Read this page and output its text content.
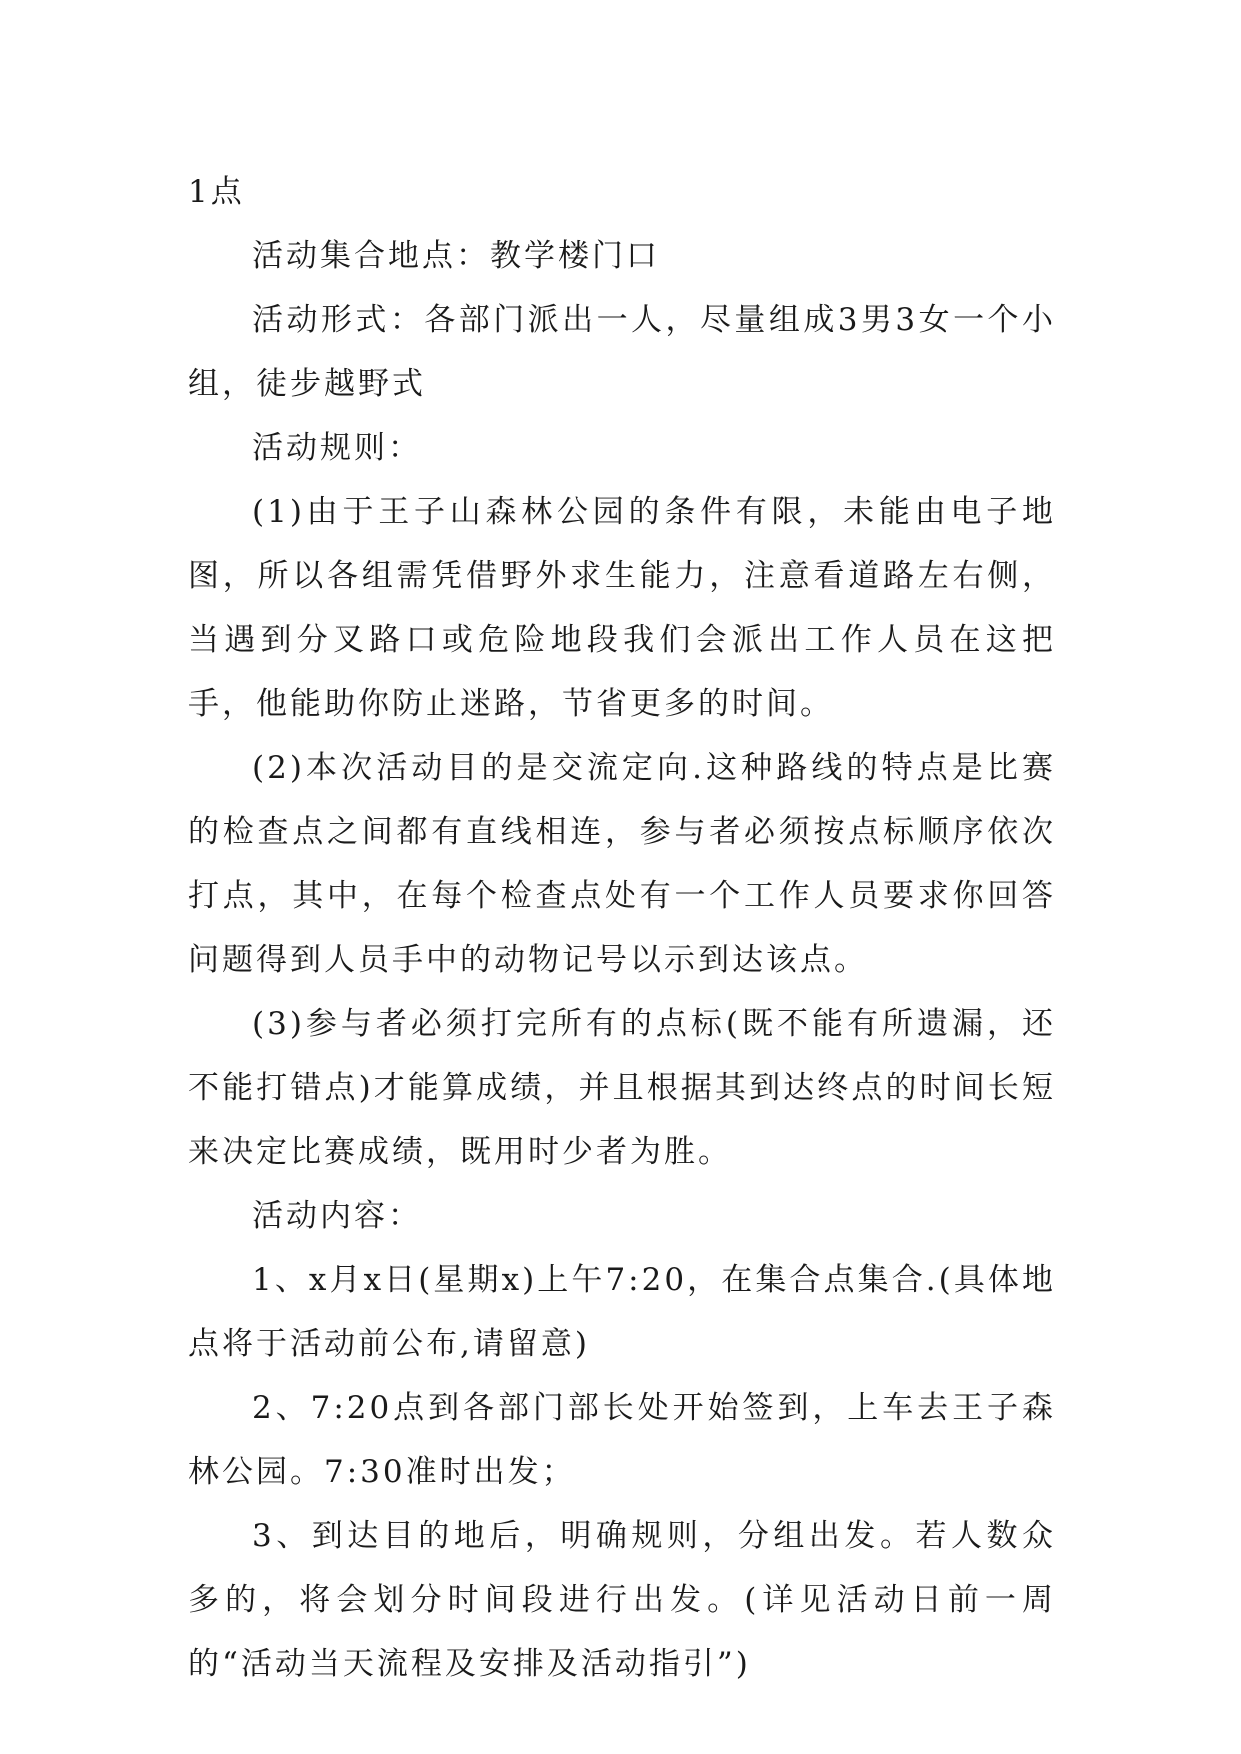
1点

活动集合地点：教学楼门口

活动形式：各部门派出一人，尽量组成3男3女一个小组，徒步越野式

活动规则：

(1)由于王子山森林公园的条件有限，未能由电子地图，所以各组需凭借野外求生能力，注意看道路左右侧，当遇到分叉路口或危险地段我们会派出工作人员在这把手，他能助你防止迷路，节省更多的时间。

(2)本次活动目的是交流定向.这种路线的特点是比赛的检查点之间都有直线相连，参与者必须按点标顺序依次打点，其中，在每个检查点处有一个工作人员要求你回答问题得到人员手中的动物记号以示到达该点。

(3)参与者必须打完所有的点标(既不能有所遗漏，还不能打错点)才能算成绩，并且根据其到达终点的时间长短来决定比赛成绩，既用时少者为胜。

活动内容：

1、x月x日(星期x)上午7:20，在集合点集合.(具体地点将于活动前公布,请留意)

2、7:20点到各部门部长处开始签到，上车去王子森林公园。7:30准时出发；

3、到达目的地后，明确规则，分组出发。若人数众多的，将会划分时间段进行出发。(详见活动日前一周的“活动当天流程及安排及活动指引”)
